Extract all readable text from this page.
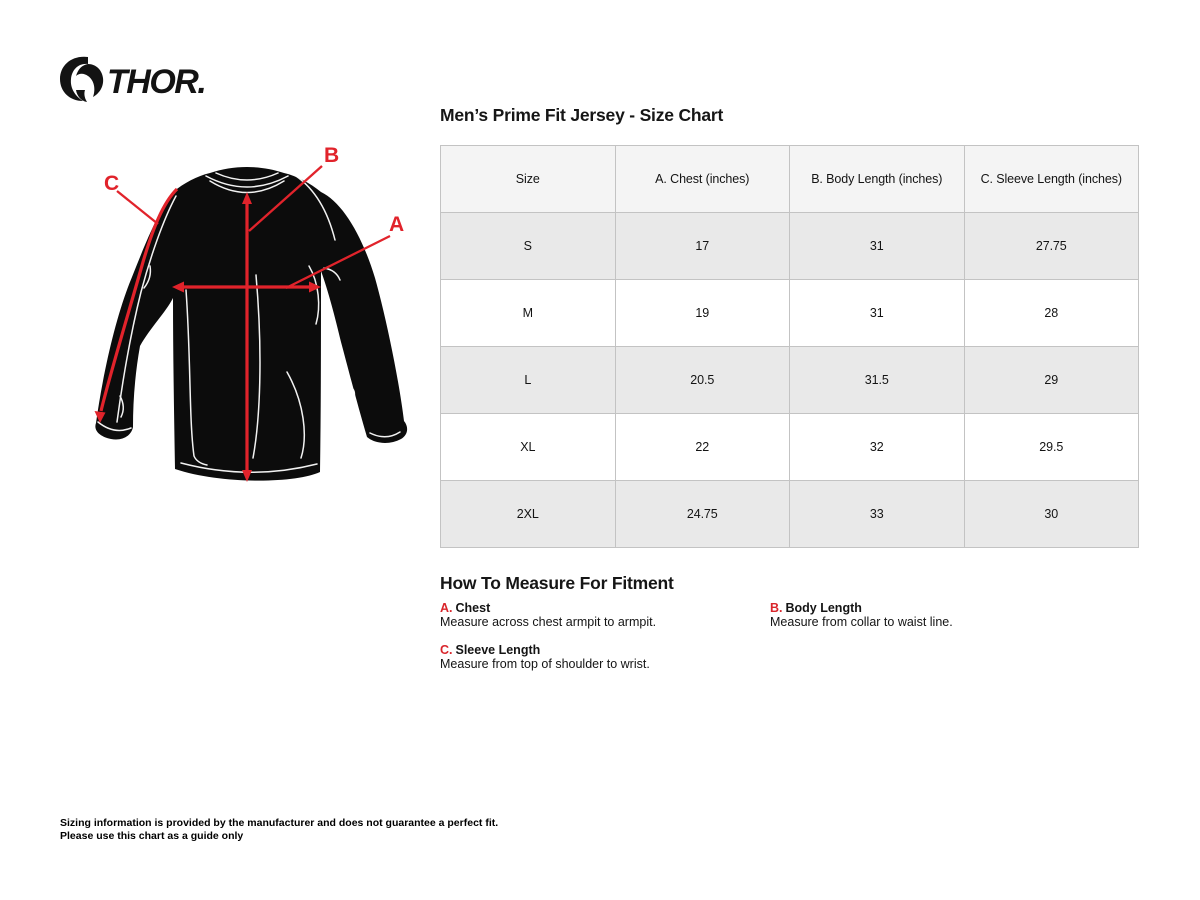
THOR.
A
B
C
Men’s Prime Fit Jersey - Size Chart
Size	A. Chest (inches)	B. Body Length (inches)	C. Sleeve Length (inches)
S	17	31	27.75
M	19	31	28
L	20.5	31.5	29
XL	22	32	29.5
2XL	24.75	33	30
How To Measure For Fitment
A. Chest
Measure across chest armpit to armpit.
B. Body Length
Measure from collar to waist line.
C. Sleeve Length
Measure from top of shoulder to wrist.
Sizing information is provided by the manufacturer and does not guarantee a perfect fit.
Please use this chart as a guide only
